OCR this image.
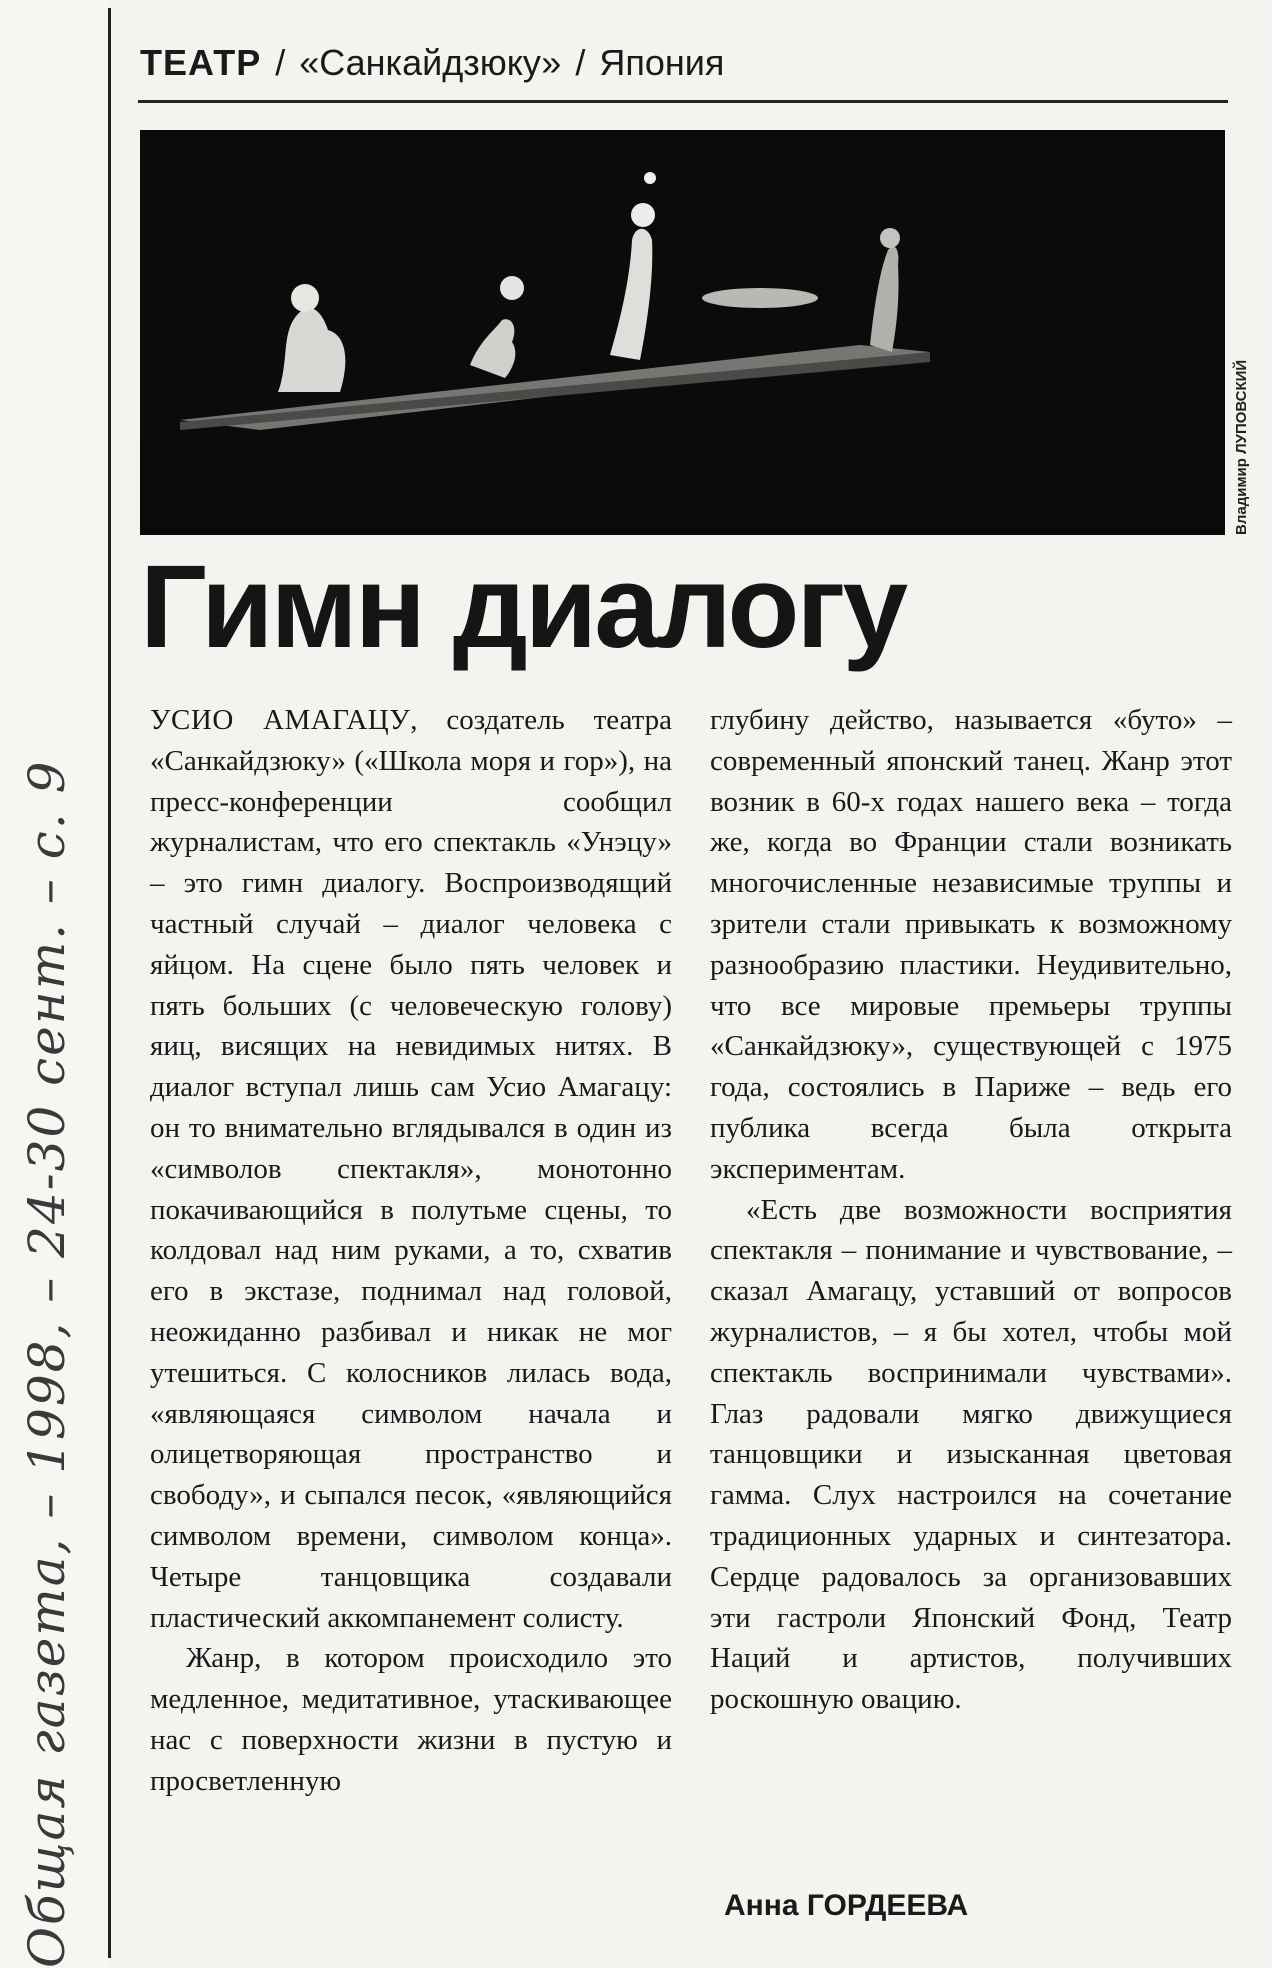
Общая газета, – 1998, – 24-30 сент. – с. 9
ТЕАТР / «Санкайдзюку» / Япония
Владимир ЛУПОВСКИЙ
Гимн диалогу

УСИО АМАГАЦУ, создатель театра «Санкайдзюку» («Школа моря и гор»), на пресс-конференции сообщил журналистам, что его спектакль «Унэцу» – это гимн диалогу. Воспроизводящий частный случай – диалог человека с яйцом. На сцене было пять человек и пять больших (с человеческую голову) яиц, висящих на невидимых нитях. В диалог вступал лишь сам Усио Амагацу: он то внимательно вглядывался в один из «символов спектакля», монотонно покачивающийся в полутьме сцены, то колдовал над ним руками, а то, схватив его в экстазе, поднимал над головой, неожиданно разбивал и никак не мог утешиться. С колосников лилась вода, «являющаяся символом начала и олицетворяющая пространство и свободу», и сыпался песок, «являющийся символом времени, символом конца». Четыре танцовщика создавали пластический аккомпанемент солисту.

Жанр, в котором происходило это медленное, медитативное, утаскивающее нас с поверхности жизни в пустую и просветленную

глубину действо, называется «буто» – современный японский танец. Жанр этот возник в 60-х годах нашего века – тогда же, когда во Франции стали возникать многочисленные независимые труппы и зрители стали привыкать к возможному разнообразию пластики. Неудивительно, что все мировые премьеры труппы «Санкайдзюку», существующей с 1975 года, состоялись в Париже – ведь его публика всегда была открыта экспериментам.

«Есть две возможности восприятия спектакля – понимание и чувствование, – сказал Амагацу, уставший от вопросов журналистов, – я бы хотел, чтобы мой спектакль воспринимали чувствами». Глаз радовали мягко движущиеся танцовщики и изысканная цветовая гамма. Слух настроился на сочетание традиционных ударных и синтезатора. Сердце радовалось за организовавших эти гастроли Японский Фонд, Театр Наций и артистов, получивших роскошную овацию.

Анна ГОРДЕЕВА
